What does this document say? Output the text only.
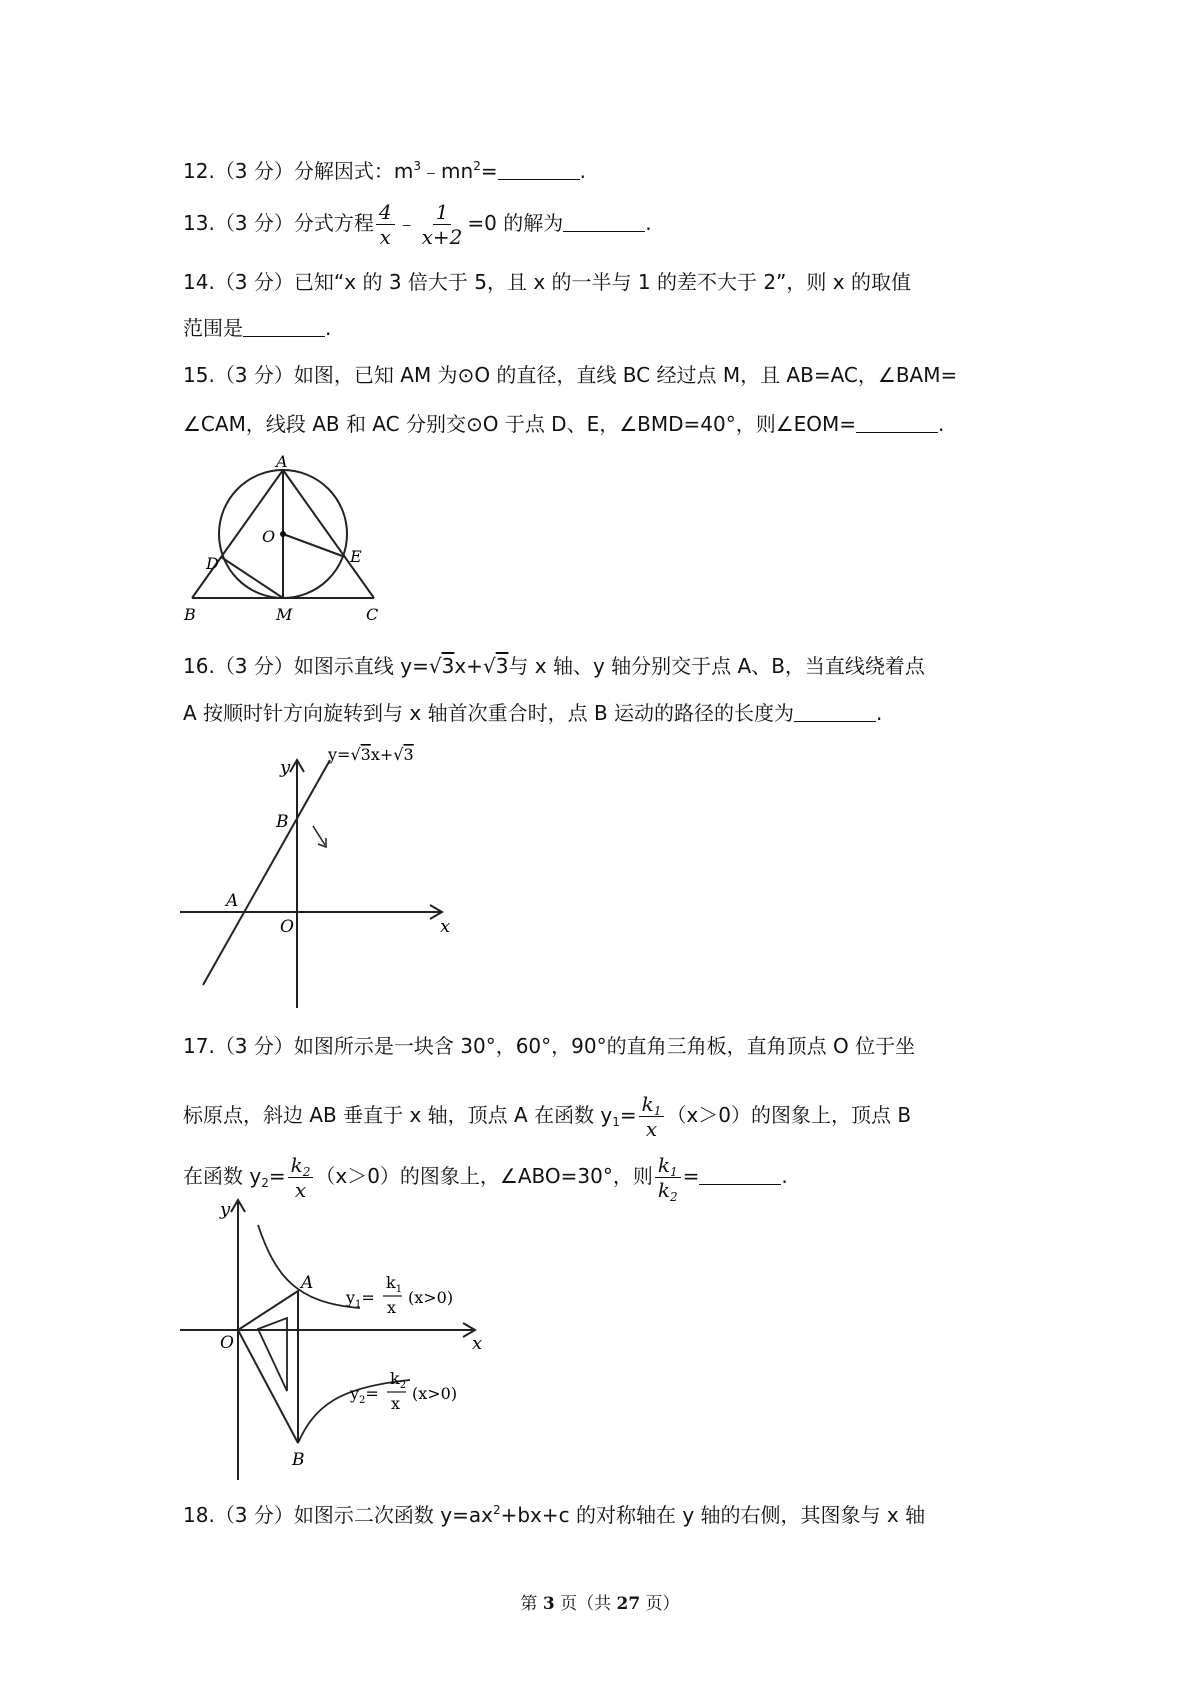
12.（3 分）分解因式：$m^3﹣mn^2=$	.
13.（3 分）分式方程 $\frac{4}{x}$ ﹣ $\frac{1}{x+2} =0$ 的解为	.
14.（3 分）已知“x 的 3 倍大于 5，且 x 的一半与 1 的差不大于 2”，则 x 的取值
范围是	.
15.（3 分）如图，已知 AM 为⊙O 的直径，直线 BC 经过点 M，且 AB=AC，∠BAM=
∠CAM，线段 AB 和 AC 分别交⊙O 于点 D、E，∠BMD=40°，则∠EOM=	.
A
O
D	E
B	M	C
16.（3 分）如图示直线 y=√3x+√3与 x 轴、y 轴分别交于点 A、B，当直线绕着点
A 按顺时针方向旋转到与 x 轴首次重合时，点 B 运动的路径的长度为	.
y
x
O
A
B
y=√3x+√3
17.（3 分）如图所示是一块含 30°，60°，90°的直角三角板，直角顶点 O 位于坐
标原点，斜边 AB 垂直于 x 轴，顶点 A 在函数 $y_1= \frac{k_1}{x} (x>0)$的图象上，顶点 B
在函数 $y_2= \frac{k_2}{x} (x>0)$的图象上，∠ABO=30°，则 $\frac{k_1}{k_2}$ =	.
O
y
x
A
B
$y_1=$
$k_1$
x
(x>0)
$y_2=$
$k_2$
x
(x>0)
18.（3 分）如图示二次函数 $y=ax^2+bx+c$ 的对称轴在 y 轴的右侧，其图象与 x 轴
第 3 页（共 27 页）
